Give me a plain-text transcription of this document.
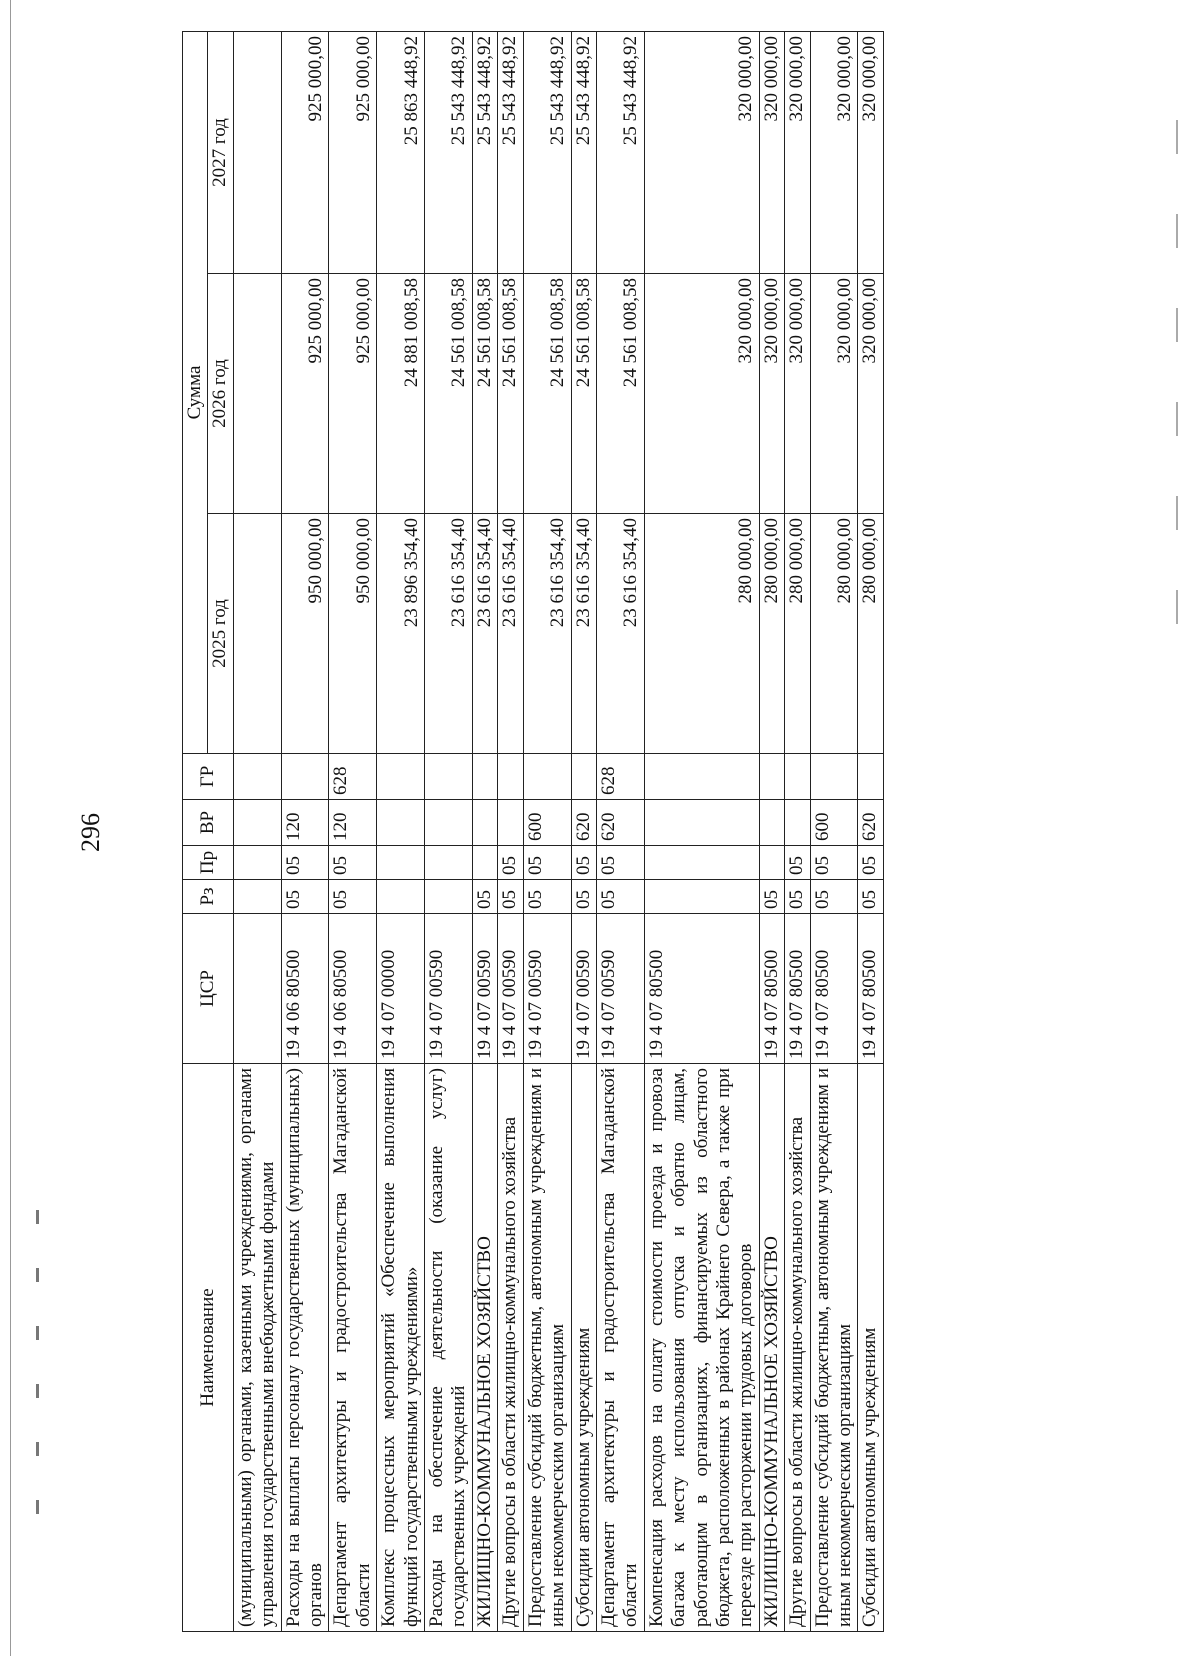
296
Наименование	ЦСР	Рз	Пр	ВР	ГР	Сумма		
						2025 год	2026 год	2027 год
(муниципальными) органами, казенными учреждениями, органами управления государственными внебюджетными фондами								
Расходы на выплаты персоналу государственных (муниципальных) органов	19 4 06 80500	05	05	120		950 000,00	925 000,00	925 000,00
Департамент архитектуры и градостроительства Магаданской области	19 4 06 80500	05	05	120	628	950 000,00	925 000,00	925 000,00
Комплекс процессных мероприятий «Обеспечение выполнения функций государственными учреждениями»	19 4 07 00000					23 896 354,40	24 881 008,58	25 863 448,92
Расходы на обеспечение деятельности (оказание услуг) государственных учреждений	19 4 07 00590					23 616 354,40	24 561 008,58	25 543 448,92
ЖИЛИЩНО-КОММУНАЛЬНОЕ ХОЗЯЙСТВО	19 4 07 00590	05				23 616 354,40	24 561 008,58	25 543 448,92
Другие вопросы в области жилищно-коммунального хозяйства	19 4 07 00590	05	05			23 616 354,40	24 561 008,58	25 543 448,92
Предоставление субсидий бюджетным, автономным учреждениям и иным некоммерческим организациям	19 4 07 00590	05	05	600		23 616 354,40	24 561 008,58	25 543 448,92
Субсидии автономным учреждениям	19 4 07 00590	05	05	620		23 616 354,40	24 561 008,58	25 543 448,92
Департамент архитектуры и градостроительства Магаданской области	19 4 07 00590	05	05	620	628	23 616 354,40	24 561 008,58	25 543 448,92
Компенсация расходов на оплату стоимости проезда и провоза багажа к месту использования отпуска и обратно лицам, работающим в организациях, финансируемых из областного бюджета, расположенных в районах Крайнего Севера, а также при переезде при расторжении трудовых договоров	19 4 07 80500					280 000,00	320 000,00	320 000,00
ЖИЛИЩНО-КОММУНАЛЬНОЕ ХОЗЯЙСТВО	19 4 07 80500	05				280 000,00	320 000,00	320 000,00
Другие вопросы в области жилищно-коммунального хозяйства	19 4 07 80500	05	05			280 000,00	320 000,00	320 000,00
Предоставление субсидий бюджетным, автономным учреждениям и иным некоммерческим организациям	19 4 07 80500	05	05	600		280 000,00	320 000,00	320 000,00
Субсидии автономным учреждениям	19 4 07 80500	05	05	620		280 000,00	320 000,00	320 000,00
